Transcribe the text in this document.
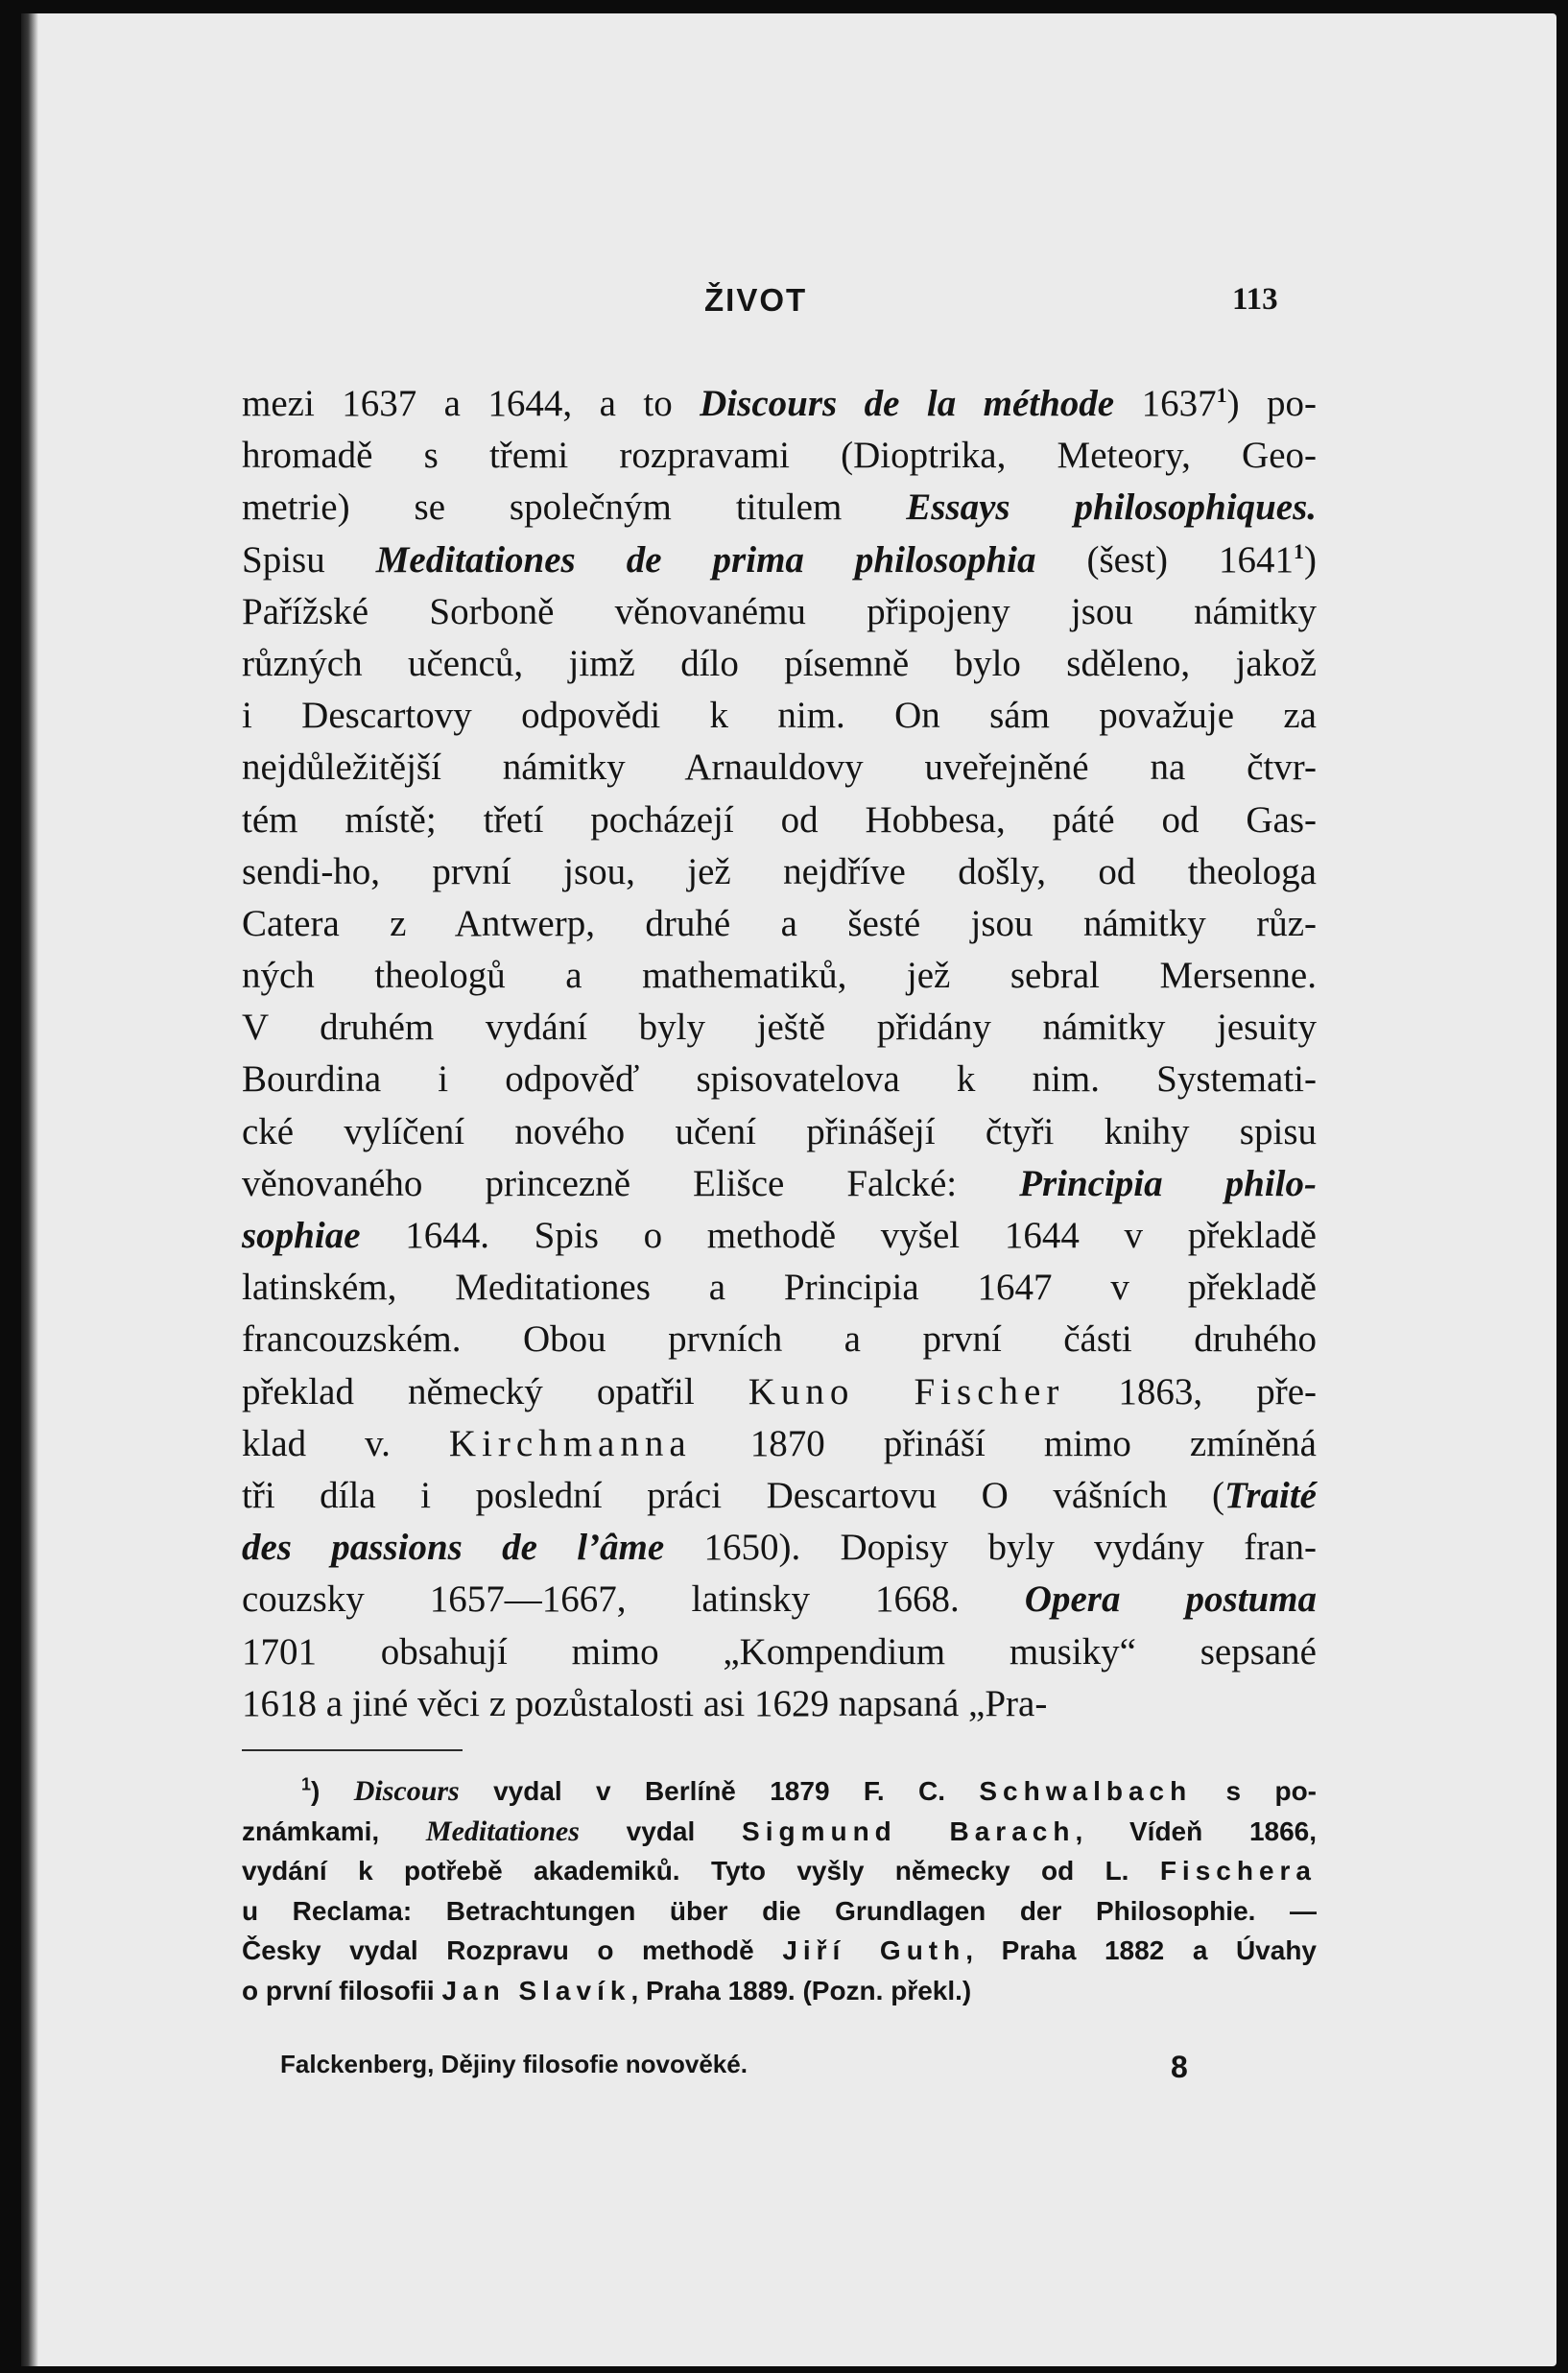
ŽIVOT	113
mezi 1637 a 1644, a to Discours de la méthode 1637$^1$) po-
hromadě s třemi rozpravami (Dioptrika, Meteory, Geo-
metrie) se společným titulem Essays philosophiques.
Spisu Meditationes de prima philosophia (šest) 1641$^1$)
Pařížské Sorboně věnovanému připojeny jsou námitky
různých učenců, jimž dílo písemně bylo sděleno, jakož
i Descartovy odpovědi k nim. On sám považuje za
nejdůležitější námitky Arnauldovy uveřejněné na čtvr-
tém místě; třetí pocházejí od Hobbesa, páté od Gas-
sendi-ho, první jsou, jež nejdříve došly, od theologa
Catera z Antwerp, druhé a šesté jsou námitky růz-
ných theologů a mathematiků, jež sebral Mersenne.
V druhém vydání byly ještě přidány námitky jesuity
Bourdina i odpověď spisovatelova k nim. Systemati-
cké vylíčení nového učení přinášejí čtyři knihy spisu
věnovaného princezně Elišce Falcké: Principia philo-
sophiae 1644. Spis o methodě vyšel 1644 v překladě
latinském, Meditationes a Principia 1647 v překladě
francouzském. Obou prvních a první části druhého
překlad německý opatřil Kuno Fischer 1863, pře-
klad v. Kirchmanna 1870 přináší mimo zmíněná
tři díla i poslední práci Descartovu O vášních (Traité
des passions de l’âme 1650). Dopisy byly vydány fran-
couzsky 1657—1667, latinsky 1668. Opera postuma
1701 obsahují mimo „Kompendium musiky“ sepsané
1618 a jiné věci z pozůstalosti asi 1629 napsaná „Pra-
$^1$) Discours vydal v Berlíně 1879 F. C. Schwalbach s po-
známkami, Meditationes vydal Sigmund Barach, Vídeň 1866,
vydání k potřebě akademiků. Tyto vyšly německy od L. Fischera
u Reclama: Betrachtungen über die Grundlagen der Philosophie. —
Česky vydal Rozpravu o methodě Jiří Guth, Praha 1882 a Úvahy
o první filosofii Jan Slavík, Praha 1889. (Pozn. překl.)
Falckenberg, Dějiny filosofie novověké.	8
